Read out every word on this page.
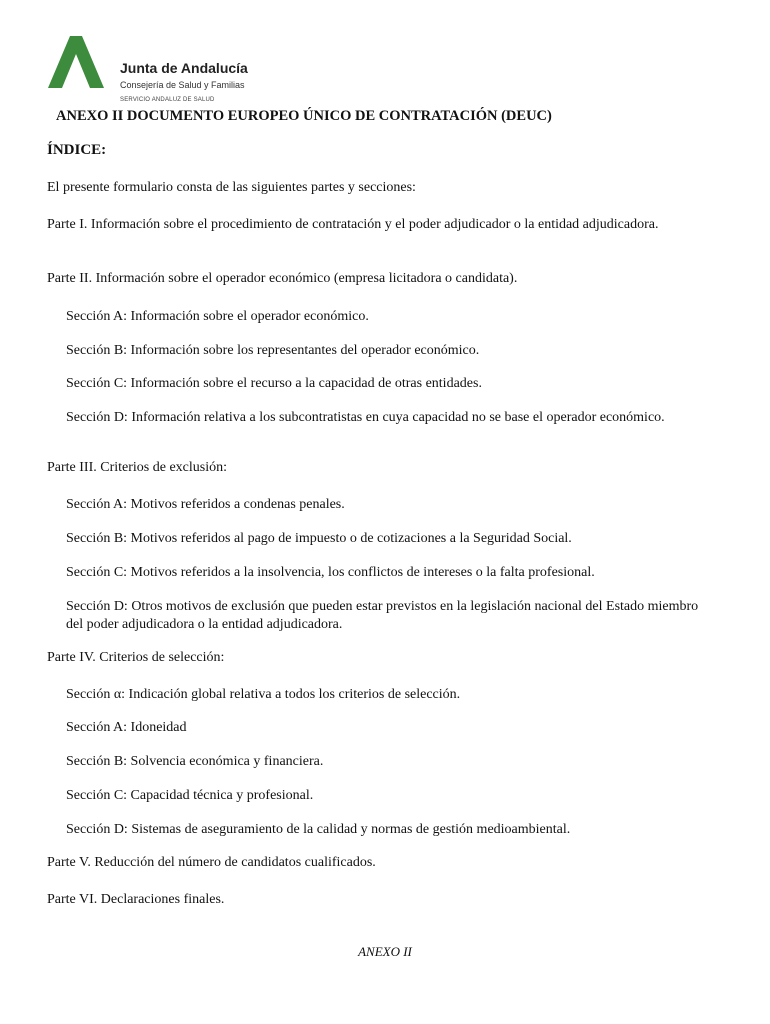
Junta de Andalucía
Consejería de Salud y Familias
SERVICIO ANDALUZ DE SALUD
ANEXO II DOCUMENTO EUROPEO ÚNICO DE CONTRATACIÓN (DEUC)
ÍNDICE:
El presente formulario consta de las siguientes partes y secciones:
Parte I. Información sobre el procedimiento de contratación y el poder adjudicador o la entidad adjudicadora.
Parte II. Información sobre el operador económico (empresa licitadora o candidata).
Sección A: Información sobre el operador económico.
Sección B: Información sobre los representantes del operador económico.
Sección C: Información sobre el recurso a la capacidad de otras entidades.
Sección D: Información relativa a los subcontratistas en cuya capacidad no se base el operador económico.
Parte III. Criterios de exclusión:
Sección A: Motivos referidos a condenas penales.
Sección B: Motivos referidos al pago de impuesto o de cotizaciones a la Seguridad Social.
Sección C: Motivos referidos a la insolvencia, los conflictos de intereses o la falta profesional.
Sección D: Otros motivos de exclusión que pueden estar previstos en la legislación nacional del Estado miembro del poder adjudicadora o la entidad adjudicadora.
Parte IV. Criterios de selección:
Sección α: Indicación global relativa a todos los criterios de selección.
Sección A: Idoneidad
Sección B: Solvencia económica y financiera.
Sección C: Capacidad técnica y profesional.
Sección D: Sistemas de aseguramiento de la calidad y normas de gestión medioambiental.
Parte V. Reducción del número de candidatos cualificados.
Parte VI. Declaraciones finales.
ANEXO II
